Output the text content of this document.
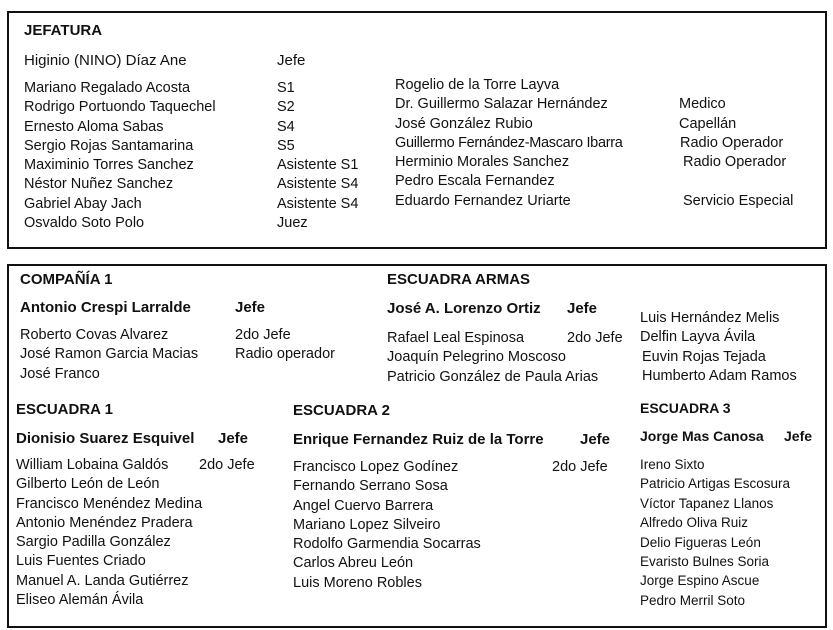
JEFATURA
Higinio (NINO) Díaz Ane	Jefe
Mariano Regalado Acosta
Rodrigo Portuondo Taquechel
Ernesto Aloma Sabas
Sergio Rojas Santamarina
Maximinio Torres Sanchez
Néstor Nuñez Sanchez
Gabriel Abay Jach
Osvaldo Soto Polo
S1
S2
S4
S5
Asistente S1
Asistente S4
Asistente S4
Juez
Rogelio de la Torre Layva
Dr. Guillermo Salazar Hernández
José González Rubio
Guillermo Fernández-Mascaro Ibarra
Herminio Morales Sanchez
Pedro Escala Fernandez
Eduardo Fernandez Uriarte
Medico
Capellán
Radio Operador
Radio Operador
Servicio Especial
COMPAÑÍA 1
Antonio Crespi Larralde	Jefe
Roberto Covas Alvarez
José Ramon Garcia Macias
José Franco
2do Jefe
Radio operador
ESCUADRA ARMAS
José A. Lorenzo Ortiz Jefe
Rafael Leal Espinosa
Joaquín Pelegrino Moscoso
Patricio González de Paula Arias
2do Jefe
Luis Hernández Melis
Delfin Layva Ávila
Euvin Rojas Tejada
Humberto Adam Ramos
ESCUADRA 1
Dionisio Suarez Esquivel Jefe
William Lobaina Galdós
Gilberto León de León
Francisco Menéndez Medina
Antonio Menéndez Pradera
Sargio Padilla González
Luis Fuentes Criado
Manuel A. Landa Gutiérrez
Eliseo Alemán Ávila
2do Jefe
ESCUADRA 2
Enrique Fernandez Ruiz de la Torre Jefe
Francisco Lopez Godínez
Fernando Serrano Sosa
Angel Cuervo Barrera
Mariano Lopez Silveiro
Rodolfo Garmendia Socarras
Carlos Abreu León
Luis Moreno Robles
2do Jefe
ESCUADRA 3
Jorge Mas Canosa Jefe
Ireno Sixto
Patricio Artigas Escosura
Víctor Tapanez Llanos
Alfredo Oliva Ruiz
Delio Figueras León
Evaristo Bulnes Soria
Jorge Espino Ascue
Pedro Merril Soto
